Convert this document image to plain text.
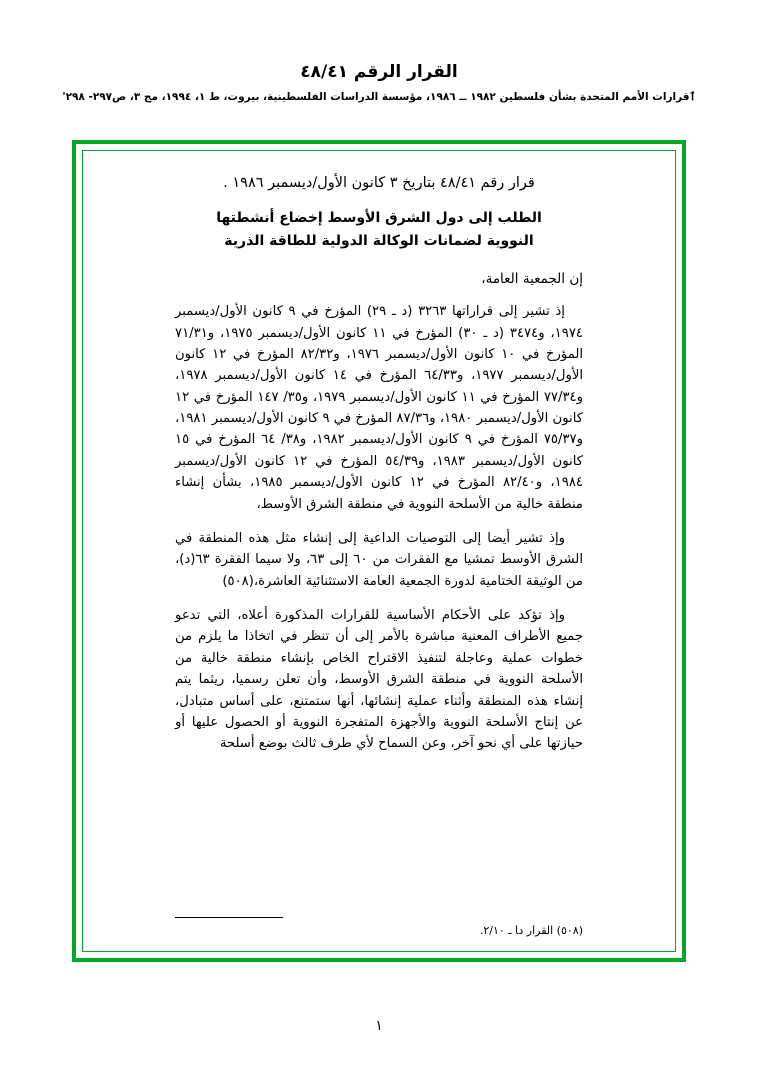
القرار الرقم ٤٨/٤١
ٱقرارات الأمم المتحدة بشأن فلسطين ١٩٨٢ ــ ١٩٨٦، مؤسسة الدراسات الفلسطينية، بيروت، ط ١، ١٩٩٤، مج ٣، ص٢٩٧- ٢٩٨'
قرار رقم ٤٨/٤١ بتاريخ ٣ كانون الأول/ديسمبر ١٩٨٦ .
الطلب إلى دول الشرق الأوسط إخضاع أنشطتها
النووية لضمانات الوكالة الدولية للطاقة الذرية
إن الجمعية العامة،

إذ تشير إلى قراراتها ٣٢٦٣ (د ـ ٢٩) المؤرخ في ٩ كانون الأول/ديسمبر ١٩٧٤، و٣٤٧٤ (د ـ ٣٠) المؤرخ في ١١ كانون الأول/ديسمبر ١٩٧٥، و٧١/٣١ المؤرخ في ١٠ كانون الأول/ديسمبر ١٩٧٦، و٨٢/٣٢ المؤرخ في ١٢ كانون الأول/ديسمبر ١٩٧٧، و٦٤/٣٣ المؤرخ في ١٤ كانون الأول/ديسمبر ١٩٧٨، و٧٧/٣٤ المؤرخ في ١١ كانون الأول/ديسمبر ١٩٧٩، و٣٥/ ١٤٧ المؤرخ في ١٢ كانون الأول/ديسمبر ١٩٨٠، و٨٧/٣٦ المؤرخ في ٩ كانون الأول/ديسمبر ١٩٨١، و٧٥/٣٧ المؤرخ في ٩ كانون الأول/ديسمبر ١٩٨٢، و٣٨/ ٦٤ المؤرخ في ١٥ كانون الأول/ديسمبر ١٩٨٣، و٥٤/٣٩ المؤرخ في ١٢ كانون الأول/ديسمبر ١٩٨٤، و٨٢/٤٠ المؤرخ في ١٢ كانون الأول/ديسمبر ١٩٨٥، بشأن إنشاء منطقة خالية من الأسلحة النووية في منطقة الشرق الأوسط،

وإذ تشير أيضا إلى التوصيات الداعية إلى إنشاء مثل هذه المنطقة في الشرق الأوسط تمشيا مع الفقرات من ٦٠ إلى ٦٣، ولا سيما الفقرة ٦٣(د)، من الوثيقة الختامية لدورة الجمعية العامة الاستثنائية العاشرة،(٥٠٨)

وإذ تؤكد على الأحكام الأساسية للقرارات المذكورة أعلاه، التي تدعو جميع الأطراف المعنية مباشرة بالأمر إلى أن تنظر في اتخاذا ما يلزم من خطوات عملية وعاجلة لتنفيذ الاقتراح الخاص بإنشاء منطقة خالية من الأسلحة النووية في منطقة الشرق الأوسط، وأن تعلن رسميا، ريثما يتم إنشاء هذه المنطقة وأثناء عملية إنشائها، أنها ستمتنع، على أساس متبادل، عن إنتاج الأسلحة النووية والأجهزة المتفجرة النووية أو الحصول عليها أو حيازتها على أي نحو آخر، وعن السماح لأي طرف ثالث بوضع أسلحة

(٥٠٨) القرار د‍ا ـ ٢/١٠.
١
